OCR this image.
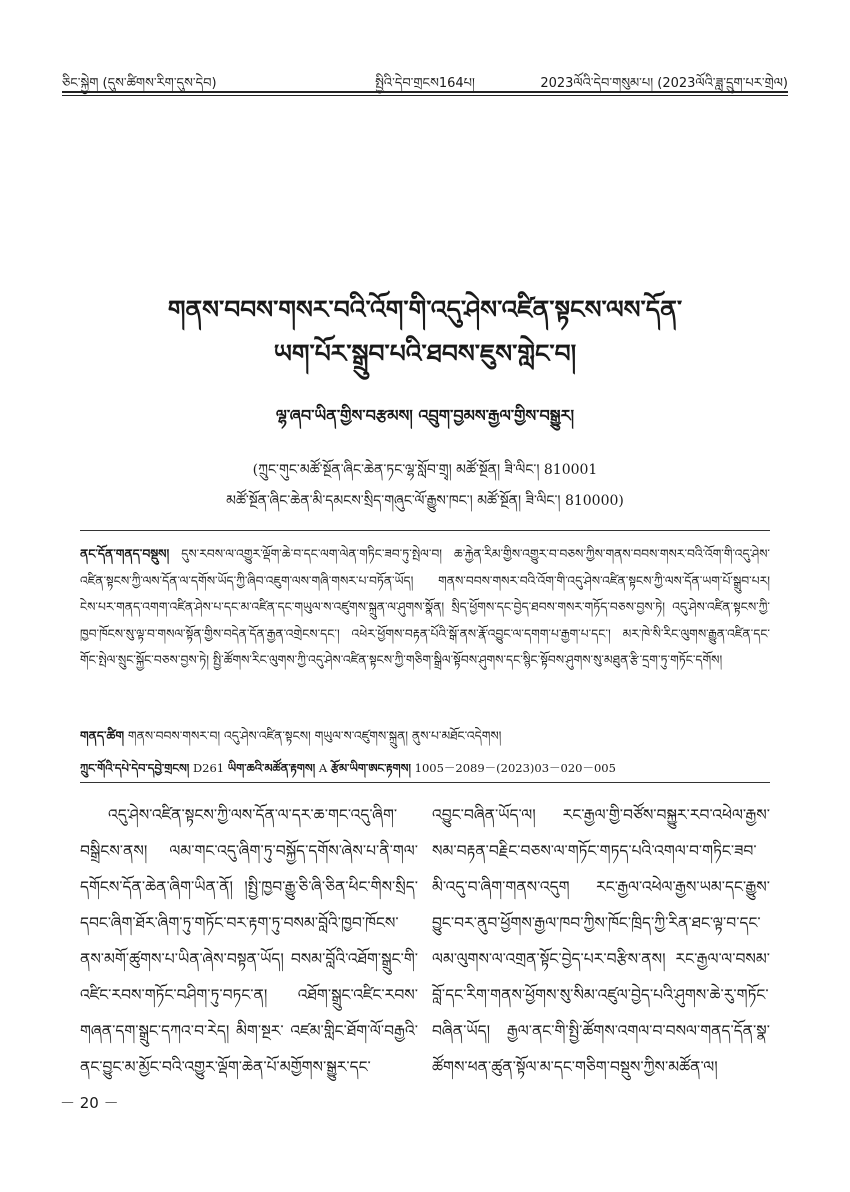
ཅིང་སྐྱེག (དུས་ཚིགས་རིག་དུས་དེབ)	སྤྱིའི་དེབ་གྲངས164པ།	2023ལོའི་དེབ་གསུམ་པ། (2023ལོའི་ཟླ་དྲུག་པར་གྲེལ)
གནས་བབས་གསར་བའི་འོག་གི་འདུ་ཤེས་འཛིན་སྟངས་ལས་དོན་
ཡག་པོར་སྒྲུབ་པའི་ཐབས་ཇུས་གླེང་བ།
ལྷ་ཞབ་ཡིན་གྱིས་བརྩམས། འབྲུག་བྱམས་རྒྱལ་གྱིས་བསྒྱུར།
(ཀྲུང་གུང་མཚོ་སྔོན་ཞིང་ཆེན་ཏང་ལྷ་སློབ་གྲྭ། མཚོ་སྔོན། ཟི་ལིང་། 810001
མཚོ་སྔོན་ཞིང་ཆེན་མི་དམངས་སྲིད་གཞུང་ལོ་རྒྱུས་ཁང་། མཚོ་སྔོན། ཟི་ལིང་། 810000)
ནང་དོན་གནད་བསྡུས། དུས་རབས་ལ་འགྱུར་ལྡོག་ཆེ་བ་དང་ལག་ལེན་གཏིང་ཟབ་ཏུ་སྤེལ་བ། ཆ་རྐྱེན་རིམ་གྱིས་འགྱུར་བ་བཅས་ཀྱིས་གནས་བབས་གསར་བའི་འོག་གི་འདུ་ཤེས་འཛིན་སྟངས་ཀྱི་ལས་དོན་ལ་དགོས་ཡོད་ཀྱི་ཞིབ་འཇུག་ལས་གཞི་གསར་པ་བཏོན་ཡོད། གནས་བབས་གསར་བའི་འོག་གི་འདུ་ཤེས་འཛིན་སྟངས་ཀྱི་ལས་དོན་ཡག་པོ་སྒྲུབ་པར། ངེས་པར་གནད་འགག་འཛིན་ཤེས་པ་དང་མ་འཛིན་དང་གཡུལ་ས་འཛུགས་སྐྲུན་ལ་ཤུགས་སྣོན། སྲིད་ཕྱོགས་དང་བྱེད་ཐབས་གསར་གཏོད་བཅས་བྱས་ཏེ། འདུ་ཤེས་འཛིན་སྟངས་ཀྱི་ཁྱབ་ཁོངས་སུ་ལྟ་བ་གསལ་སྟོན་གྱིས་བདེན་དོན་རྒྱན་འགྲེངས་དང་། འཕེར་ཕྱོགས་བརྟན་པོའི་སྒོ་ནས་རྣོ་འབྱུང་ལ་དགག་པ་རྒྱག་པ་དང་། མར་ཁེ་སི་རིང་ལུགས་རྒྱུན་འཛིན་དང་གོང་སྤེལ་སྲུང་སྐྱོང་བཅས་བྱས་ཏེ། སྤྱི་ཚོགས་རིང་ལུགས་ཀྱི་འདུ་ཤེས་འཛིན་སྟངས་ཀྱི་གཅིག་སྒྲིལ་སྟོབས་ཤུགས་དང་སྙིང་སྟོབས་ཤུགས་སུ་མཐུན་རྩི་དྲག་ཏུ་གཏོང་དགོས།
གནད་ཚིག གནས་བབས་གསར་བ། འདུ་ཤེས་འཛིན་སྟངས། གཡུལ་ས་འཛུགས་སྐྲུན། ནུས་པ་མཐོང་འདེགས།
ཀྲུང་གོའི་དཔེ་དེབ་དབྱེ་གྲངས། D261 ཡིག་ཆའི་མཚོན་རྟགས། A རྩོམ་ཡིག་ཨང་རྟགས། 1005－2089－(2023)03－020－005
འདུ་ཤེས་འཛིན་སྟངས་ཀྱི་ལས་དོན་ལ་དར་ཆ་གང་འདུ་ཞིག་བསྒྲིངས་ནས། ལམ་གང་འདུ་ཞིག་ཏུ་བསྐྱོད་དགོས་ཞེས་པ་ནི་གལ་དགོངས་དོན་ཆེན་ཞིག་ཡིན་ནོ། །སྤྱི་ཁྱབ་རྒྱུ་ཅི་ཞི་ཅིན་ཕིང་གིས་སྲིད་དབང་ཞིག་ཐོར་ཞིག་ཏུ་གཏོང་བར་རྟག་ཏུ་བསམ་བློའི་ཁྱབ་ཁོངས་ནས་མགོ་ཚུགས་པ་ཡིན་ཞེས་བསྟན་ཡོད། བསམ་བློའི་འཐོག་སྒྲུང་གི་འཛིང་རབས་གཏོང་བཤིག་ཏུ་བཏང་ན། འཐོག་སྒྲུང་འཛིང་རབས་གཞན་དག་སྒྲུང་དཀའ་བ་རེད། མིག་སྔར་ འཛམ་གླིང་ཐོག་ལོ་བརྒྱའི་ནང་བྱུང་མ་མྱོང་བའི་འགྱུར་ལྡོག་ཆེན་པོ་མགྱོགས་སྒྱུར་དང་
འབྱུང་བཞིན་ཡོད་ལ། རང་རྒྱལ་གྱི་བཙོས་བསྐྱུར་རབ་འཕེལ་རྒྱས་སམ་བརྟན་བརྗིང་བཅས་ལ་གཏོང་གཏད་པའི་འགལ་བ་གཏིང་ཟབ་མི་འདུ་བ་ཞིག་གནས་འདུག རང་རྒྱལ་འཕེལ་རྒྱས་ཡམ་དང་རྒྱུས་བྱུང་བར་ནུབ་ཕྱོགས་རྒྱལ་ཁབ་ཀྱིས་ཁོང་ཁྲིད་ཀྱི་རིན་ཐང་ལྟ་བ་དང་ལམ་ལུགས་ལ་འགྲན་སྟོང་བྱེད་པར་བརྩིས་ནས། རང་རྒྱལ་ལ་བསམ་བློ་དང་རིག་གནས་ཕྱོགས་སུ་སིམ་འཛུལ་བྱེད་པའི་ཤུགས་ཆེ་རུ་གཏོང་བཞིན་ཡོད། རྒྱལ་ནང་གི་སྤྱི་ཚོགས་འགལ་བ་བསལ་གནད་དོན་སྣ་ཚོགས་ཕན་ཚུན་སྟོལ་མ་དང་གཅིག་བསྡུས་ཀྱིས་མཚོན་ལ།
－ 20 －
